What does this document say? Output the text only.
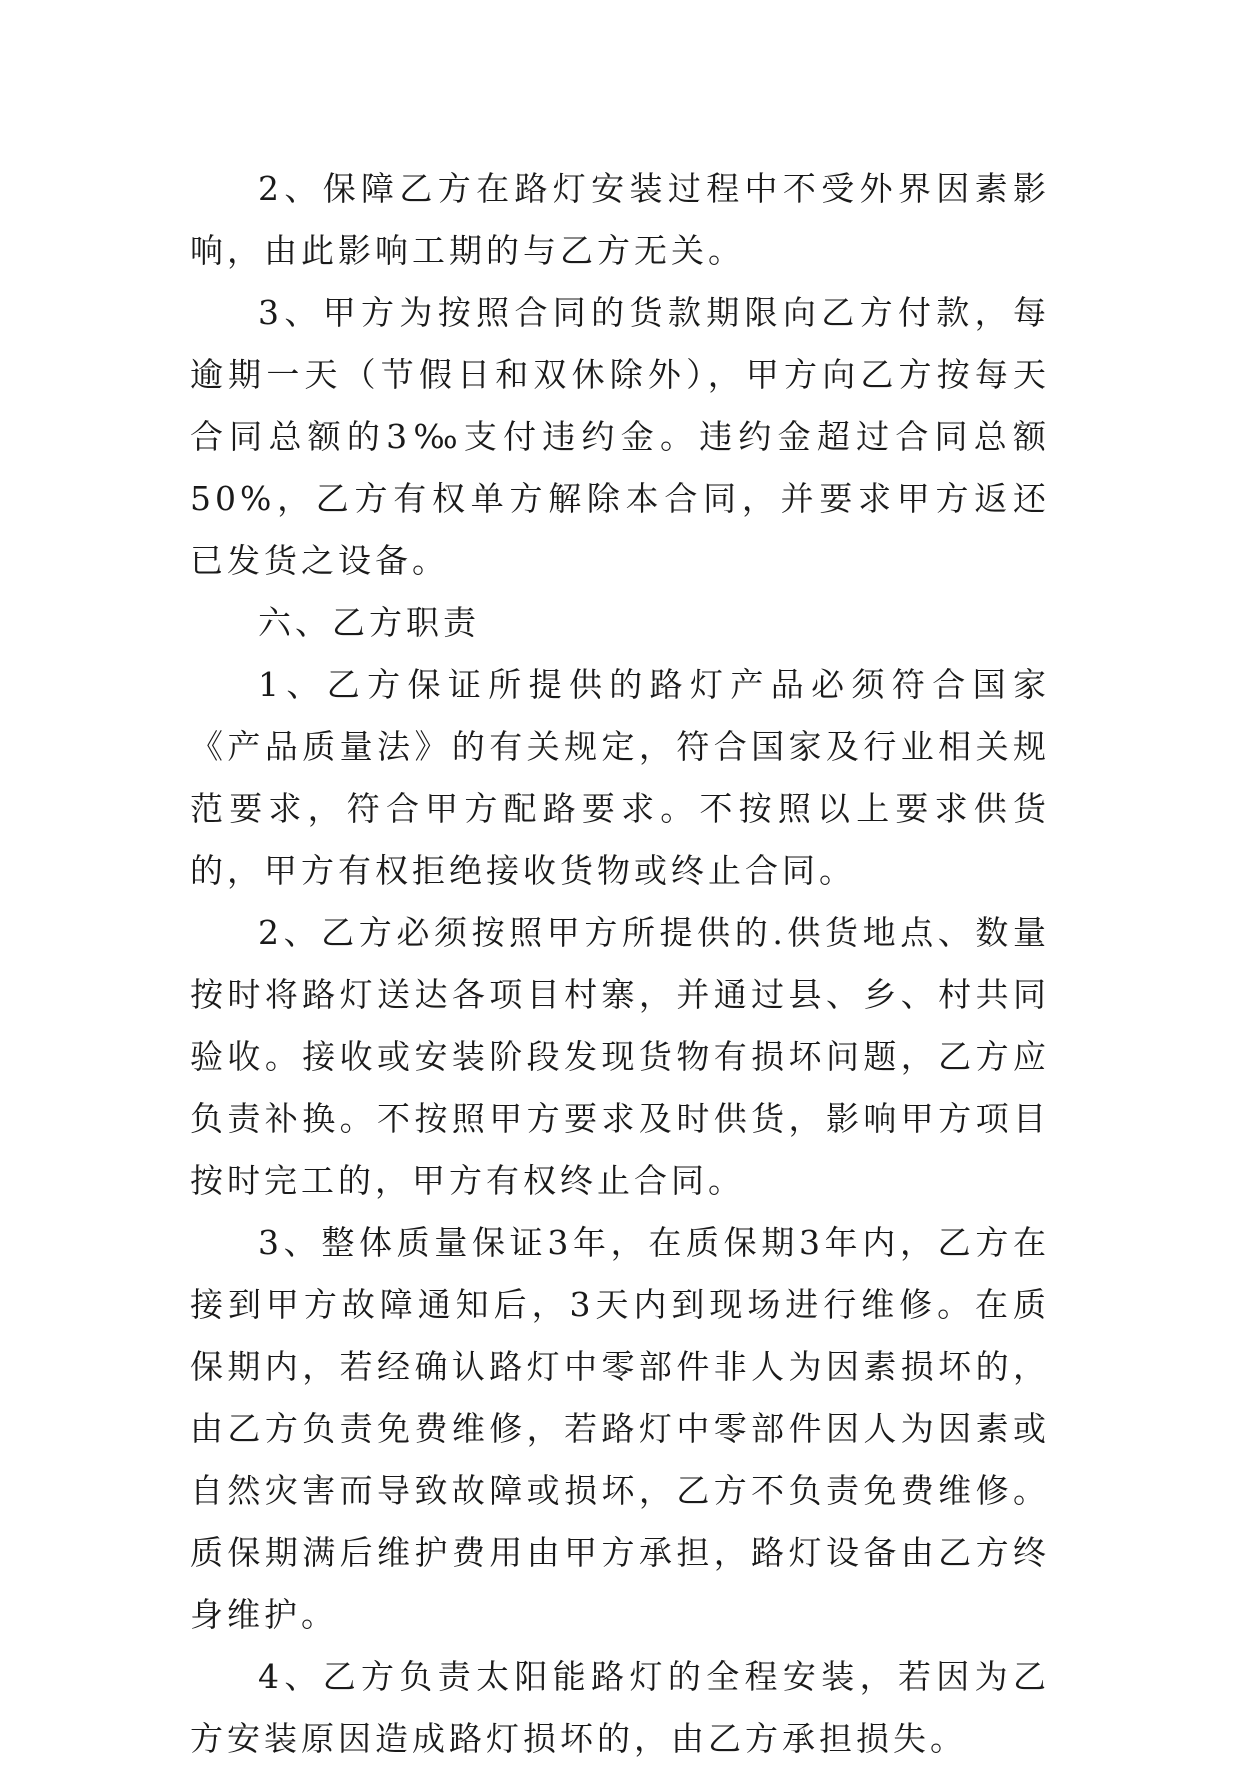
2、保障乙方在路灯安装过程中不受外界因素影响，由此影响工期的与乙方无关。

3、甲方为按照合同的货款期限向乙方付款，每逾期一天（节假日和双休除外），甲方向乙方按每天合同总额的3‰支付违约金。违约金超过合同总额50%，乙方有权单方解除本合同，并要求甲方返还已发货之设备。

六、乙方职责

1、乙方保证所提供的路灯产品必须符合国家《产品质量法》的有关规定，符合国家及行业相关规范要求，符合甲方配路要求。不按照以上要求供货的，甲方有权拒绝接收货物或终止合同。

2、乙方必须按照甲方所提供的.供货地点、数量按时将路灯送达各项目村寨，并通过县、乡、村共同验收。接收或安装阶段发现货物有损坏问题，乙方应负责补换。不按照甲方要求及时供货，影响甲方项目按时完工的，甲方有权终止合同。

3、整体质量保证3年，在质保期3年内，乙方在接到甲方故障通知后，3天内到现场进行维修。在质保期内，若经确认路灯中零部件非人为因素损坏的，由乙方负责免费维修，若路灯中零部件因人为因素或自然灾害而导致故障或损坏，乙方不负责免费维修。质保期满后维护费用由甲方承担，路灯设备由乙方终身维护。

4、乙方负责太阳能路灯的全程安装，若因为乙方安装原因造成路灯损坏的，由乙方承担损失。
